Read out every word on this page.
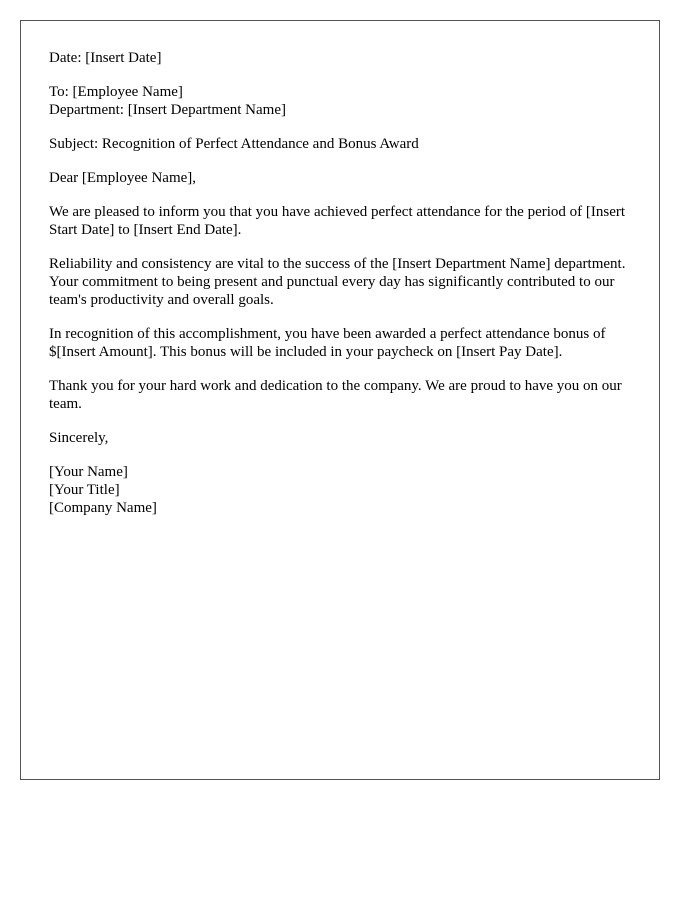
Date: [Insert Date]

To: [Employee Name]
Department: [Insert Department Name]

Subject: Recognition of Perfect Attendance and Bonus Award

Dear [Employee Name],

We are pleased to inform you that you have achieved perfect attendance for the period of [Insert Start Date] to [Insert End Date].

Reliability and consistency are vital to the success of the [Insert Department Name] department. Your commitment to being present and punctual every day has significantly contributed to our team's productivity and overall goals.

In recognition of this accomplishment, you have been awarded a perfect attendance bonus of $[Insert Amount]. This bonus will be included in your paycheck on [Insert Pay Date].

Thank you for your hard work and dedication to the company. We are proud to have you on our team.

Sincerely,

[Your Name]
[Your Title]
[Company Name]
